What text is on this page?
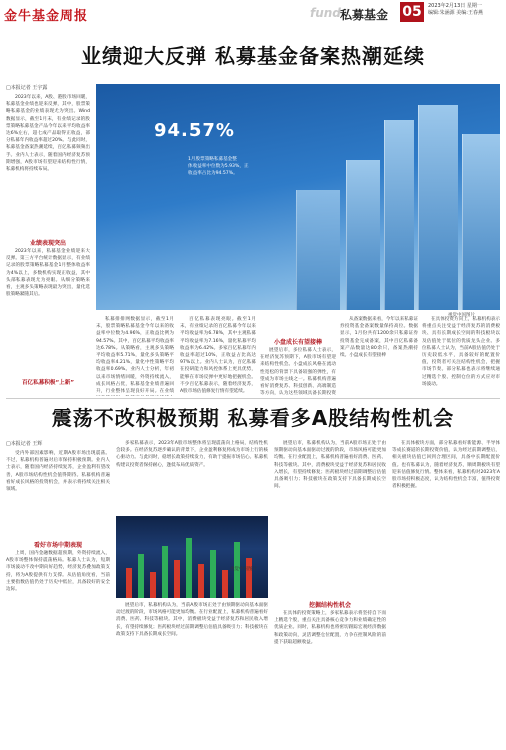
金牛基金周报	fund 私募基金 05	2023年2月13日 星期一
编辑:朱涵源 美编:王春燕
业绩迎大反弹 私募基金备案热潮延续
□本报记者 王宇露

2023年以来，A股、港股市场回暖，私募基金业绩也迎来反弹，其中，股票策略私募基金的业绩表现尤为突出。Wind数据显示，截至1月末，有业绩记录的股票策略私募基金产品今年以来平均收益率达6%左右，超七成产品取得正收益，部分私募年内收益率超过20%。与此同时，私募基金备案热潮延续，百亿私募频频出手。业内人士表示，随着国内经济复苏预期增强，A股市场有望迎来结构性行情，私募机构将持续布局。

业绩表现突出

2023年以来，私募基金业绩迎来大反弹。第三方平台统计数据显示，有业绩记录的股票策略私募基金1月整体收益率为4%以上，多数机构实现正收益，其中头部私募表现尤为亮眼。从细分策略来看，主观多头策略表现最为突出，量化选股策略紧随其后。

百亿私募积极“上新”
94.57%
1月股票策略私募基金整
体收益率中位数为5.93%，正
收益率占比为94.57%。
视觉中国图片

私募排排网数据显示，截至1月末，股票策略私募基金今年以来的收益率中位数为4.96%，正收益比例为94.57%。其中，百亿私募平均收益率达6.78%。从策略看，主观多头策略平均收益率5.71%，量化多头策略平均收益率4.21%，量化中性策略平均收益率0.69%。业内人士分析，年初以来市场情绪回暖，外资持续流入，成长风格占优，私募基金业绩普遍回升，行业整体呈现良好开局。在业绩

百亿私募表现亮眼。截至1月末，有业绩记录的百亿私募今年以来平均收益率为6.78%，其中主观私募平均收益率为7.16%，量化私募平均收益率为6.42%。多家百亿私募年内收益率超过10%，正收益占比高达97%以上。业内人士认为，百亿私募在投研能力和风控体系上更具优势，能够在市场反弹中更好地把握机会。不少百亿私募表示，随着经济复苏，A股市场估值修复行情有望延续。

小盘成长有望接棒

展望后市，多位私募人士表示，在经济复苏预期下，A股市场有望迎来结构性机会。小盘成长风格在流动性宽松的背景下具备较强的弹性，有望成为市场主线之一。私募机构普遍看好消费复苏、科技创新、高端制造等方向，认为这些领域具备长期投资

从备案数据来看，今年以来私募证券投资基金备案数量保持高位。数据显示，1月份共有1200余只私募证券投资基金完成备案，其中百亿私募备案产品数量达80余只，备案热潮持续。小盘成长有望接棒

在具体投资方向上，私募机构表示将重点关注受益于经济复苏的消费板块、具有长期成长空间的科技板块以及估值处于低位的优质龙头企业。多位私募人士认为，当前A股估值仍处于历史较低水平，具备较好的配置价值，投资者可关注结构性机会，把握市场节奏。部分私募也表示将继续通过精选个股、控制仓位的方式应对市场波动。

震荡不改积极预期 私募看多A股结构性机会
□本报记者 王辉

受内外部因素影响，近期A股市场出现震荡。不过，私募机构普遍对后市保持积极预期。业内人士表示，随着国内经济持续复苏，企业盈利有望改善，A股市场结构性机会值得期待。私募机构普遍看好成长风格的投资机会，并表示将持续关注相关领域。

看好市场中期表现

上周，国内金融数据超预期，外资持续流入，A股市场整体保持震荡格局。私募人士认为，短期市场波动不改中期向好趋势，经济复苏叠加政策支持，将为A股提供有力支撑。从估值角度看，当前主要指数估值仍处于历史中低位，具备较好的安全边际。

多家私募表示，2023年A股市场整体将呈现震荡向上格局，结构性机会较多。在经济复苏逐步确认的背景下，企业盈利修复将成为市场上行的核心驱动力。与此同时，稳增长政策持续发力，有助于提振市场信心。私募机构建议投资者保持耐心，逢低布局优质资产。

视觉中国图片

展望后市，私募机构认为，当前A股市场正处于由预期驱动向基本面驱动过渡的阶段，市场风格可能更加均衡。在行业配置上，私募机构普遍看好消费、医药、科技等板块。其中，消费板块受益于经济复苏和居民收入增长，有望持续修复；医药板块经过前期调整后估值具备吸引力；科技板块在政策支持下具备长期成长空间。

展望后市，私募机构认为，当前A股市场正处于由预期驱动向基本面驱动过渡的阶段，市场风格可能更加均衡。在行业配置上，私募机构普遍看好消费、医药、科技等板块。其中，消费板块受益于经济复苏和居民收入增长，有望持续修复；医药板块经过前期调整后估值具备吸引力；科技板块在政策支持下具备长期成长空间。

挖掘结构性机会

在具体的投资策略上，多家私募表示将坚持自下而上精选个股，重点关注具备核心竞争力和业绩确定性的优质企业。同时，私募机构也将密切跟踪宏观经济数据和政策动向，灵活调整仓位配置，力争在控制风险的前提下获取超额收益。

在具体板块方面，部分私募看好新能源、半导体等成长赛道的长期投资价值，认为经过前期调整后，相关板块估值已回到合理区间，具备中长期配置价值。也有私募认为，随着经济复苏，顺周期板块有望迎来估值修复行情。整体来看，私募机构对2023年A股市场持积极态度，认为结构性机会丰富，值得投资者积极把握。
